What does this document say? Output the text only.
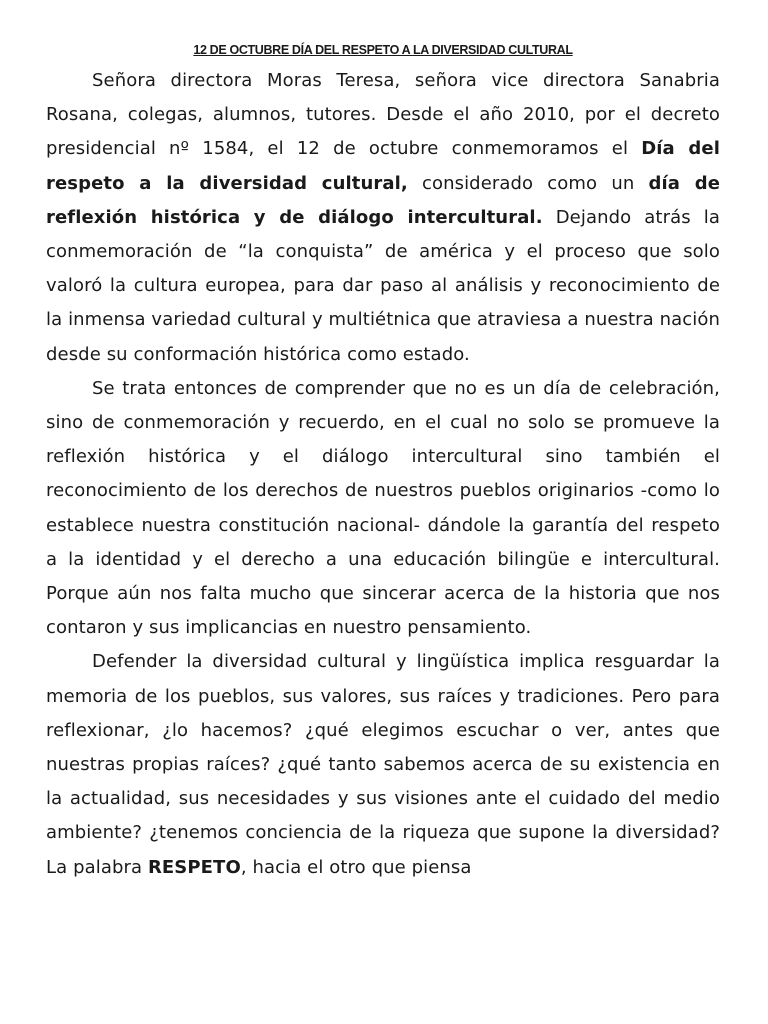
12 DE OCTUBRE DÍA DEL RESPETO A LA DIVERSIDAD CULTURAL

Señora directora Moras Teresa, señora vice directora Sanabria Rosana, colegas, alumnos, tutores. Desde el año 2010, por el decreto presidencial nº 1584, el 12 de octubre conmemoramos el Día del respeto a la diversidad cultural, considerado como un día de reflexión histórica y de diálogo intercultural. Dejando atrás la conmemoración de “la conquista” de américa y el proceso que solo valoró la cultura europea, para dar paso al análisis y reconocimiento de la inmensa variedad cultural y multiétnica que atraviesa a nuestra nación desde su conformación histórica como estado.

Se trata entonces de comprender que no es un día de celebración, sino de conmemoración y recuerdo, en el cual no solo se promueve la reflexión histórica y el diálogo intercultural sino también el reconocimiento de los derechos de nuestros pueblos originarios -como lo establece nuestra constitución nacional- dándole la garantía del respeto a la identidad y el derecho a una educación bilingüe e intercultural. Porque aún nos falta mucho que sincerar acerca de la historia que nos contaron y sus implicancias en nuestro pensamiento.

Defender la diversidad cultural y lingüística implica resguardar la memoria de los pueblos, sus valores, sus raíces y tradiciones. Pero para reflexionar, ¿lo hacemos? ¿qué elegimos escuchar o ver, antes que nuestras propias raíces? ¿qué tanto sabemos acerca de su existencia en la actualidad, sus necesidades y sus visiones ante el cuidado del medio ambiente? ¿tenemos conciencia de la riqueza que supone la diversidad? La palabra RESPETO, hacia el otro que piensa
